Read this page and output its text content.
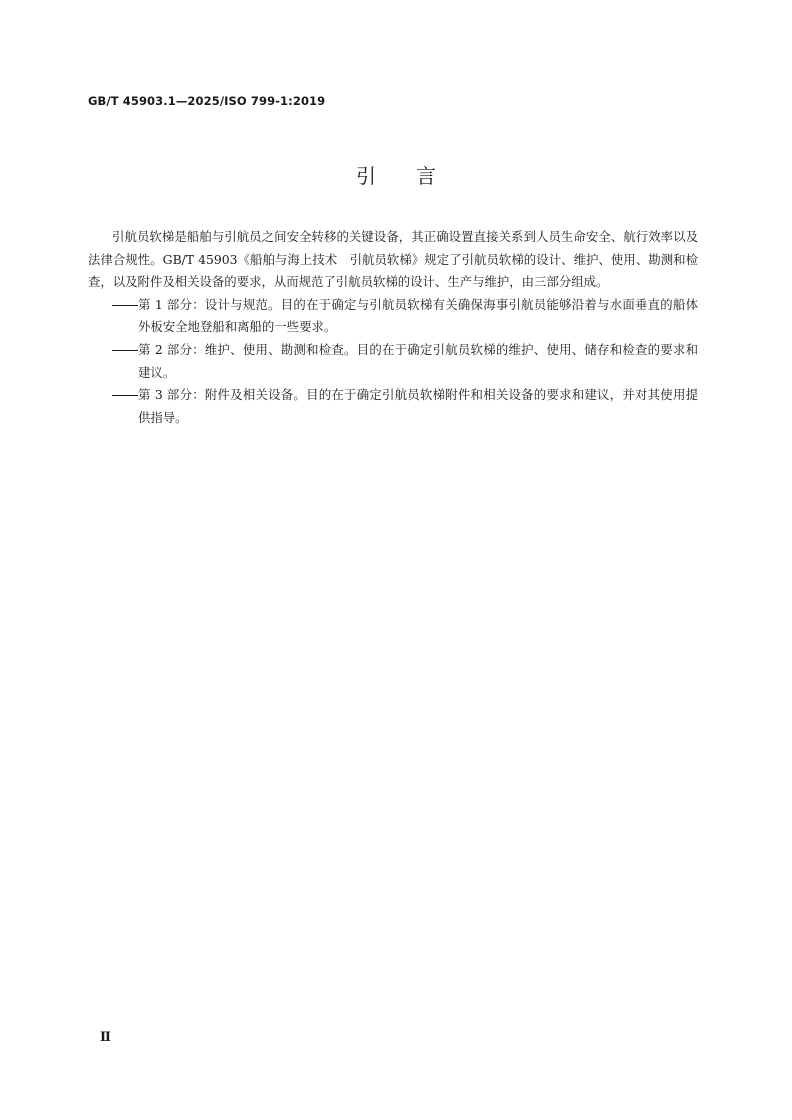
GB/T 45903.1—2025/ISO 799-1:2019
引言

引航员软梯是船舶与引航员之间安全转移的关键设备，其正确设置直接关系到人员生命安全、航行效率以及法律合规性。GB/T 45903《船舶与海上技术　引航员软梯》规定了引航员软梯的设计、维护、使用、勘测和检查，以及附件及相关设备的要求，从而规范了引航员软梯的设计、生产与维护，由三部分组成。

第 1 部分：设计与规范。目的在于确定与引航员软梯有关确保海事引航员能够沿着与水面垂直的船体外板安全地登船和离船的一些要求。
第 2 部分：维护、使用、勘测和检查。目的在于确定引航员软梯的维护、使用、储存和检查的要求和建议。
第 3 部分：附件及相关设备。目的在于确定引航员软梯附件和相关设备的要求和建议，并对其使用提供指导。
Ⅱ
